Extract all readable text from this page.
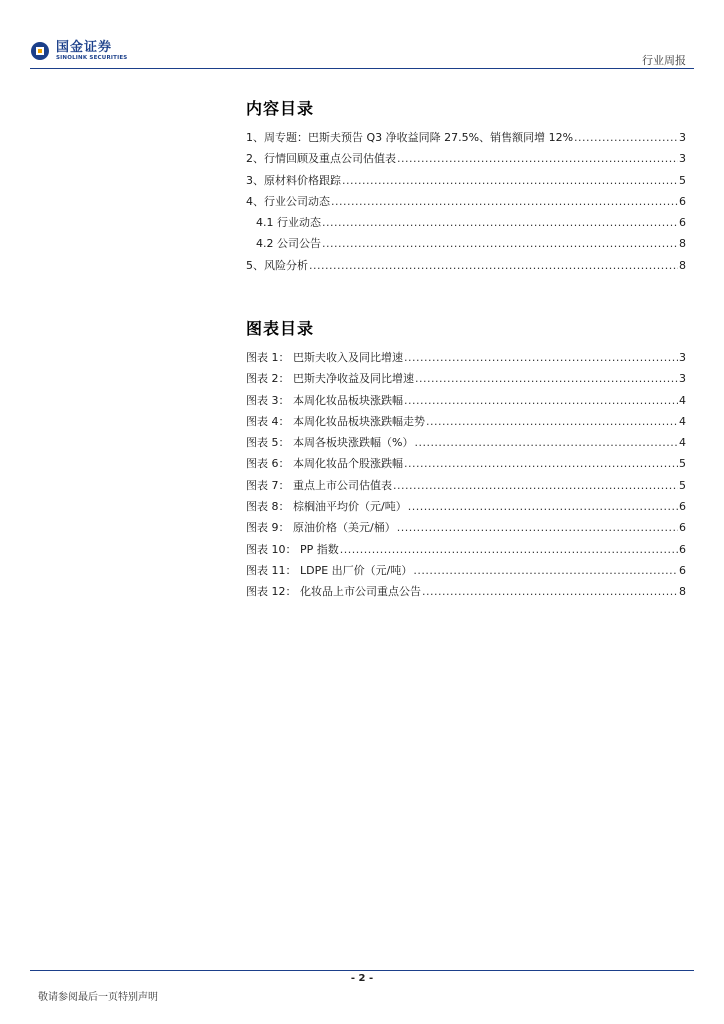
国金证券
SINOLINK SECURITIES	行业周报
内容目录
1、周专题：巴斯夫预告 Q3 净收益同降 27.5%、销售额同增 12% .....	3
2、行情回顾及重点公司估值表 .....	3
3、原材料价格跟踪 .....	5
4、行业公司动态 .....	6
4.1 行业动态 .....	6
4.2 公司公告 .....	8
5、风险分析 .....	8
图表目录
图表 1： 巴斯夫收入及同比增速 .....	3
图表 2： 巴斯夫净收益及同比增速 .....	3
图表 3： 本周化妆品板块涨跌幅 .....	4
图表 4： 本周化妆品板块涨跌幅走势 .....	4
图表 5： 本周各板块涨跌幅（%） .....	4
图表 6： 本周化妆品个股涨跌幅 .....	5
图表 7： 重点上市公司估值表 .....	5
图表 8： 棕榈油平均价（元/吨） .....	6
图表 9： 原油价格（美元/桶） .....	6
图表 10： PP 指数 .....	6
图表 11： LDPE 出厂价（元/吨） .....	6
图表 12： 化妆品上市公司重点公告 .....	8
- 2 -
敬请参阅最后一页特别声明
